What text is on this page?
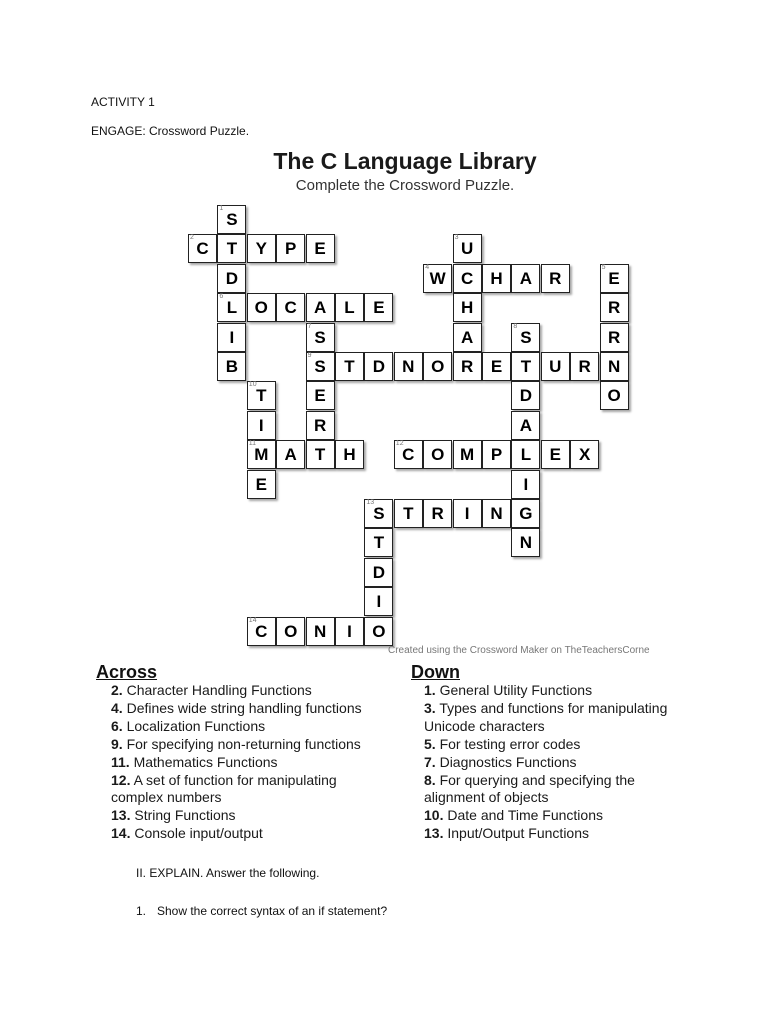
ACTIVITY 1
ENGAGE: Crossword Puzzle.
The C Language Library
Complete the Crossword Puzzle.
1
S
2
C	T	Y	P	E
3
U
D
4
W C	H	A	R
5
E
6
L	O C	A	L	E	H	R
I
7
S	A
8
S	R
B
9
S	T	D	N O R	E	T	U	R	N
10
T	E	D	O
I	R	A
11
M A	T	H
12
C O M P	L	E	X
E	I
13
S	T	R	I	N G
T	N
D
I
14
C O N	I	O
Created using the Crossword Maker on TheTeachersCorne
Across	Down
2. Character Handling Functions
4. Defines wide string handling functions
6. Localization Functions
9. For specifying non-returning functions
11. Mathematics Functions
12. A set of function for manipulating complex numbers
13. String Functions
14. Console input/output
1. General Utility Functions
3. Types and functions for manipulating Unicode characters
5. For testing error codes
7. Diagnostics Functions
8. For querying and specifying the alignment of objects
10. Date and Time Functions
13. Input/Output Functions
II. EXPLAIN. Answer the following.
1. Show the correct syntax of an if statement?
